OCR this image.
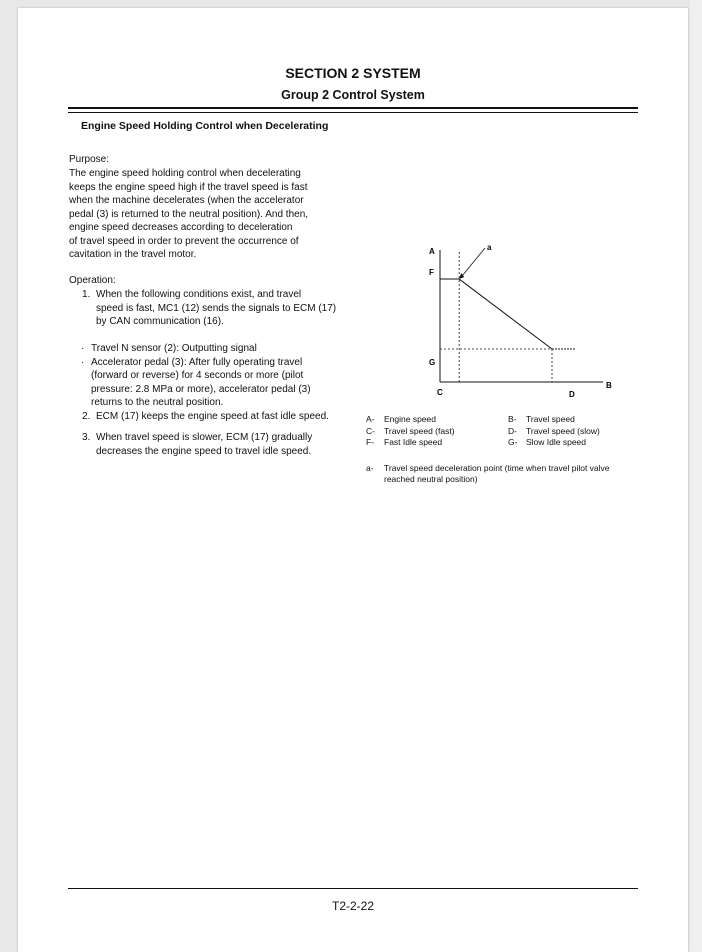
SECTION 2 SYSTEM
Group 2 Control System
Engine Speed Holding Control when Decelerating
Purpose:
The engine speed holding control when decelerating
keeps the engine speed high if the travel speed is fast
when the machine decelerates (when the accelerator
pedal (3) is returned to the neutral position). And then,
engine speed decreases according to deceleration
of travel speed in order to prevent the occurrence of
cavitation in the travel motor.
Operation:
1. When the following conditions exist, and travel
speed is fast, MC1 (12) sends the signals to ECM (17)
by CAN communication (16).
· Travel N sensor (2): Outputting signal
· Accelerator pedal (3): After fully operating travel
(forward or reverse) for 4 seconds or more (pilot
pressure: 2.8 MPa or more), accelerator pedal (3)
returns to the neutral position.
2. ECM (17) keeps the engine speed at fast idle speed.
3. When travel speed is slower, ECM (17) gradually
decreases the engine speed to travel idle speed.
A
F
G
C	D
B
a
A- Engine speed
C- Travel speed (fast)
F- Fast Idle speed
B- Travel speed
D- Travel speed (slow)
G- Slow Idle speed
a-	Travel speed deceleration point (time when travel pilot valve reached neutral position)
T2-2-22
